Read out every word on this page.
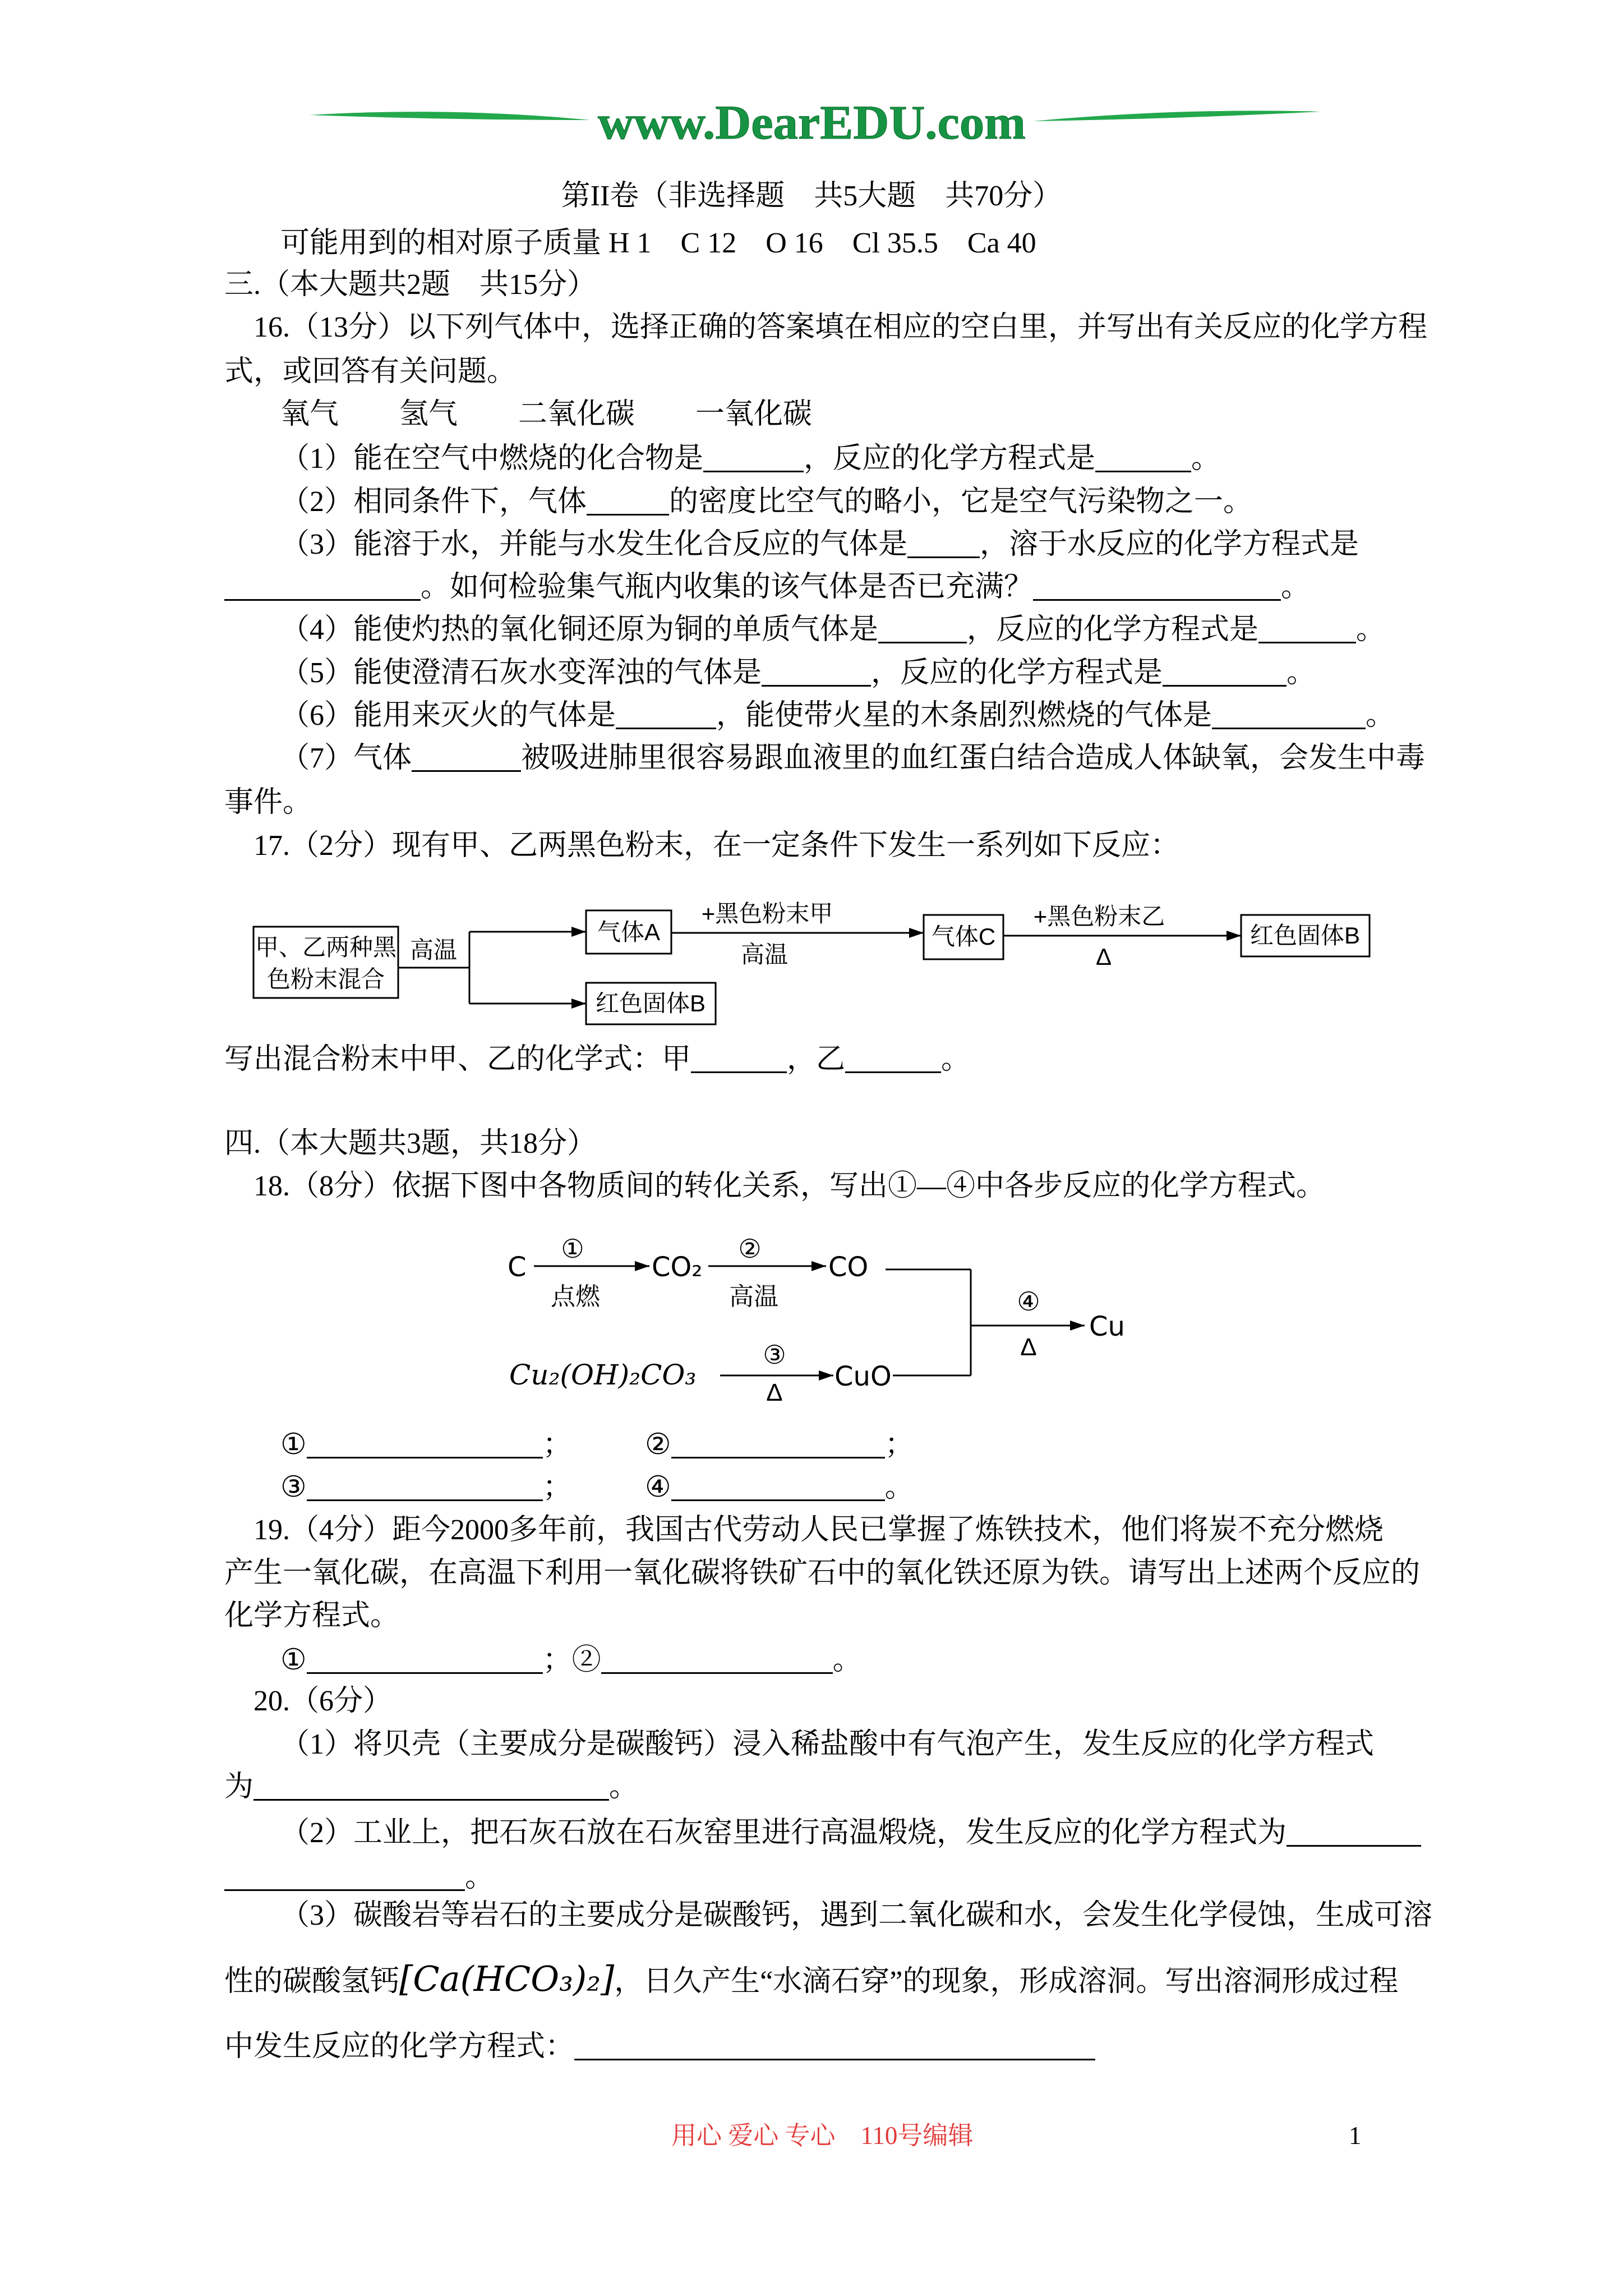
www.DearEDU.com
第II卷（非选择题　共5大题　共70分）
可能用到的相对原子质量 H 1　C 12　O 16　Cl 35.5　Ca 40
三.（本大题共2题　共15分）
16.（13分）以下列气体中，选择正确的答案填在相应的空白里，并写出有关反应的化学方程
式，或回答有关问题。
氧气 氢气 二氧化碳 一氧化碳
（1）能在空气中燃烧的化合物是	，反应的化学方程式是	。
（2）相同条件下，气体	的密度比空气的略小，它是空气污染物之一。
（3）能溶于水，并能与水发生化合反应的气体是 ，溶于水反应的化学方程式是
。如何检验集气瓶内收集的该气体是否已充满？	。
（4）能使灼热的氧化铜还原为铜的单质气体是	，反应的化学方程式是	。
（5）能使澄清石灰水变浑浊的气体是	，反应的化学方程式是	。
（6）能用来灭火的气体是	，能使带火星的木条剧烈燃烧的气体是	。
（7）气体	被吸进肺里很容易跟血液里的血红蛋白结合造成人体缺氧，会发生中毒
事件。
17.（2分）现有甲、乙两黑色粉末，在一定条件下发生一系列如下反应：
甲、乙两种黑
色粉末混合
高温
气体A
+黑色粉末甲
高温
气体C
+黑色粉末乙
Δ
红色固体B
红色固体B
写出混合粉末中甲、乙的化学式：甲	，乙	。
四.（本大题共3题，共18分）
18.（8分）依据下图中各物质间的转化关系，写出①—④中各步反应的化学方程式。
C
①
点燃
CO₂
②
高温
CO
Cu₂(OH)₂CO₃
③
Δ
CuO
④
Δ
Cu
①	；	②	；
③	；	④	。
19.（4分）距今2000多年前，我国古代劳动人民已掌握了炼铁技术，他们将炭不充分燃烧
产生一氧化碳，在高温下利用一氧化碳将铁矿石中的氧化铁还原为铁。请写出上述两个反应的
化学方程式。
①	；②	。
20.（6分）
（1）将贝壳（主要成分是碳酸钙）浸入稀盐酸中有气泡产生，发生反应的化学方程式
为	。
（2）工业上，把石灰石放在石灰窑里进行高温煅烧，发生反应的化学方程式为
。
（3）碳酸岩等岩石的主要成分是碳酸钙，遇到二氧化碳和水，会发生化学侵蚀，生成可溶
性的碳酸氢钙[Ca(HCO₃)₂]，日久产生“水滴石穿”的现象，形成溶洞。写出溶洞形成过程
中发生反应的化学方程式：
用心 爱心 专心　110号编辑	1
